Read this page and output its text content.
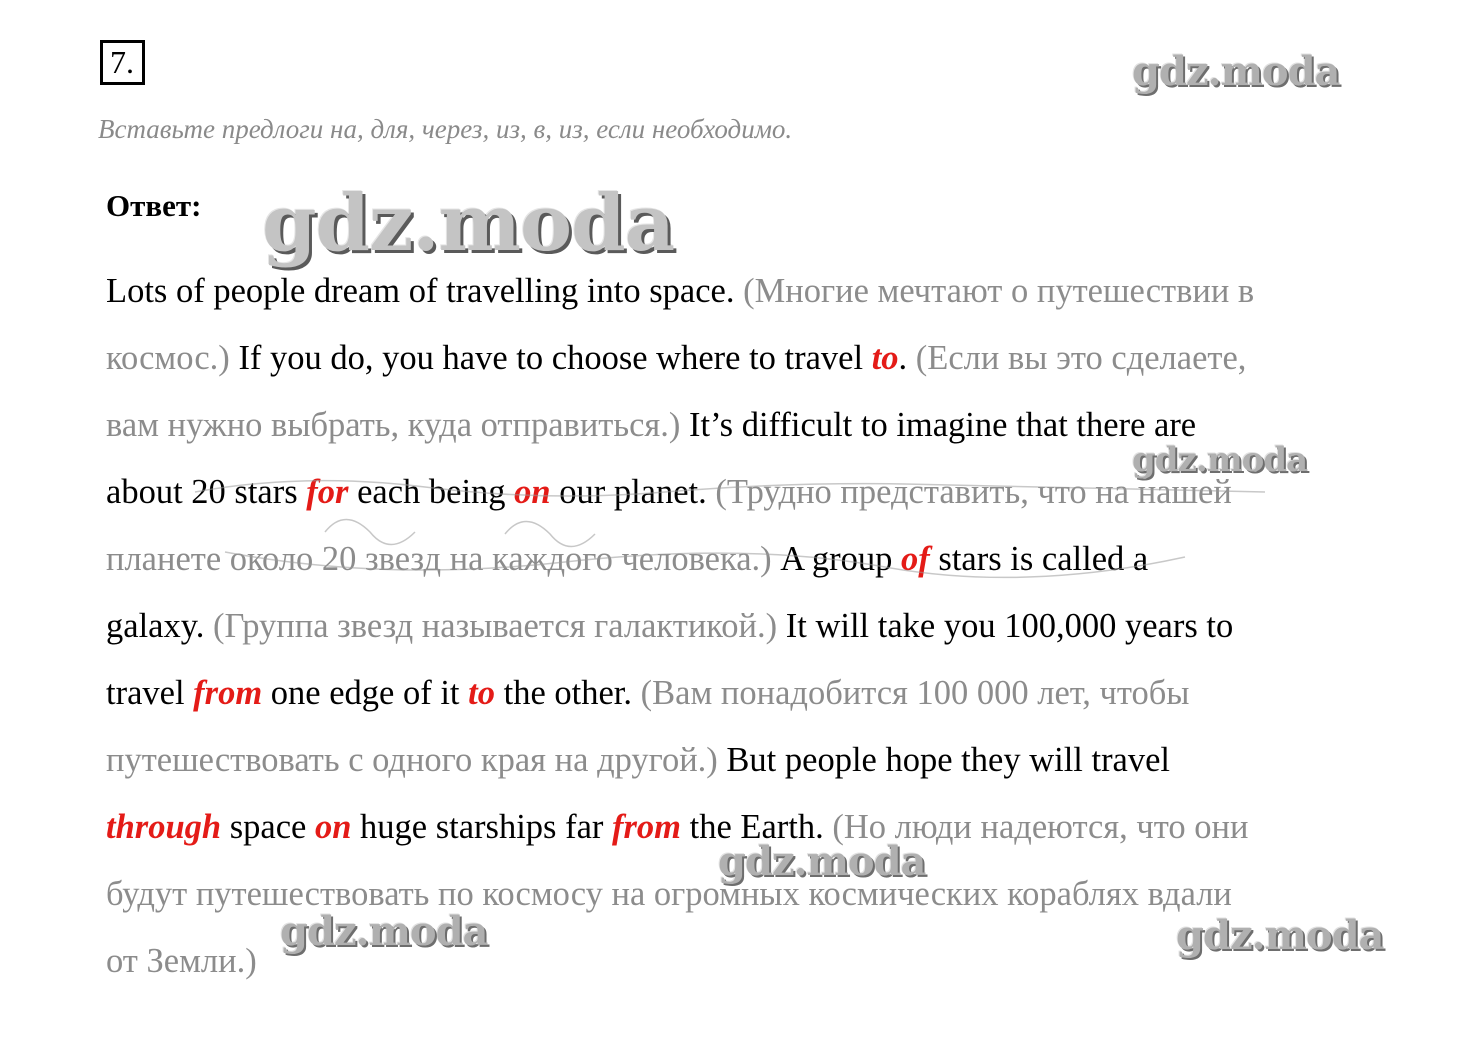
7.
Вставьте предлоги на, для, через, из, в, из, если необходимо.
Ответ:
Lots of people dream of travelling into space. (Многие мечтают о путешествии в
космос.) If you do, you have to choose where to travel to. (Если вы это сделаете,
вам нужно выбрать, куда отправиться.) It’s difficult to imagine that there are
about 20 stars for each being on our planet. (Трудно представить, что на нашей
планете около 20 звезд на каждого человека.) A group of stars is called a
galaxy. (Группа звезд называется галактикой.) It will take you 100,000 years to
travel from one edge of it to the other. (Вам понадобится 100 000 лет, чтобы
путешествовать с одного края на другой.) But people hope they will travel
through space on huge starships far from the Earth. (Но люди надеются, что они
будут путешествовать по космосу на огромных космических кораблях вдали
от Земли.)
gdz.moda
gdz.moda
gdz.moda
gdz.moda
gdz.moda	gdz.moda
